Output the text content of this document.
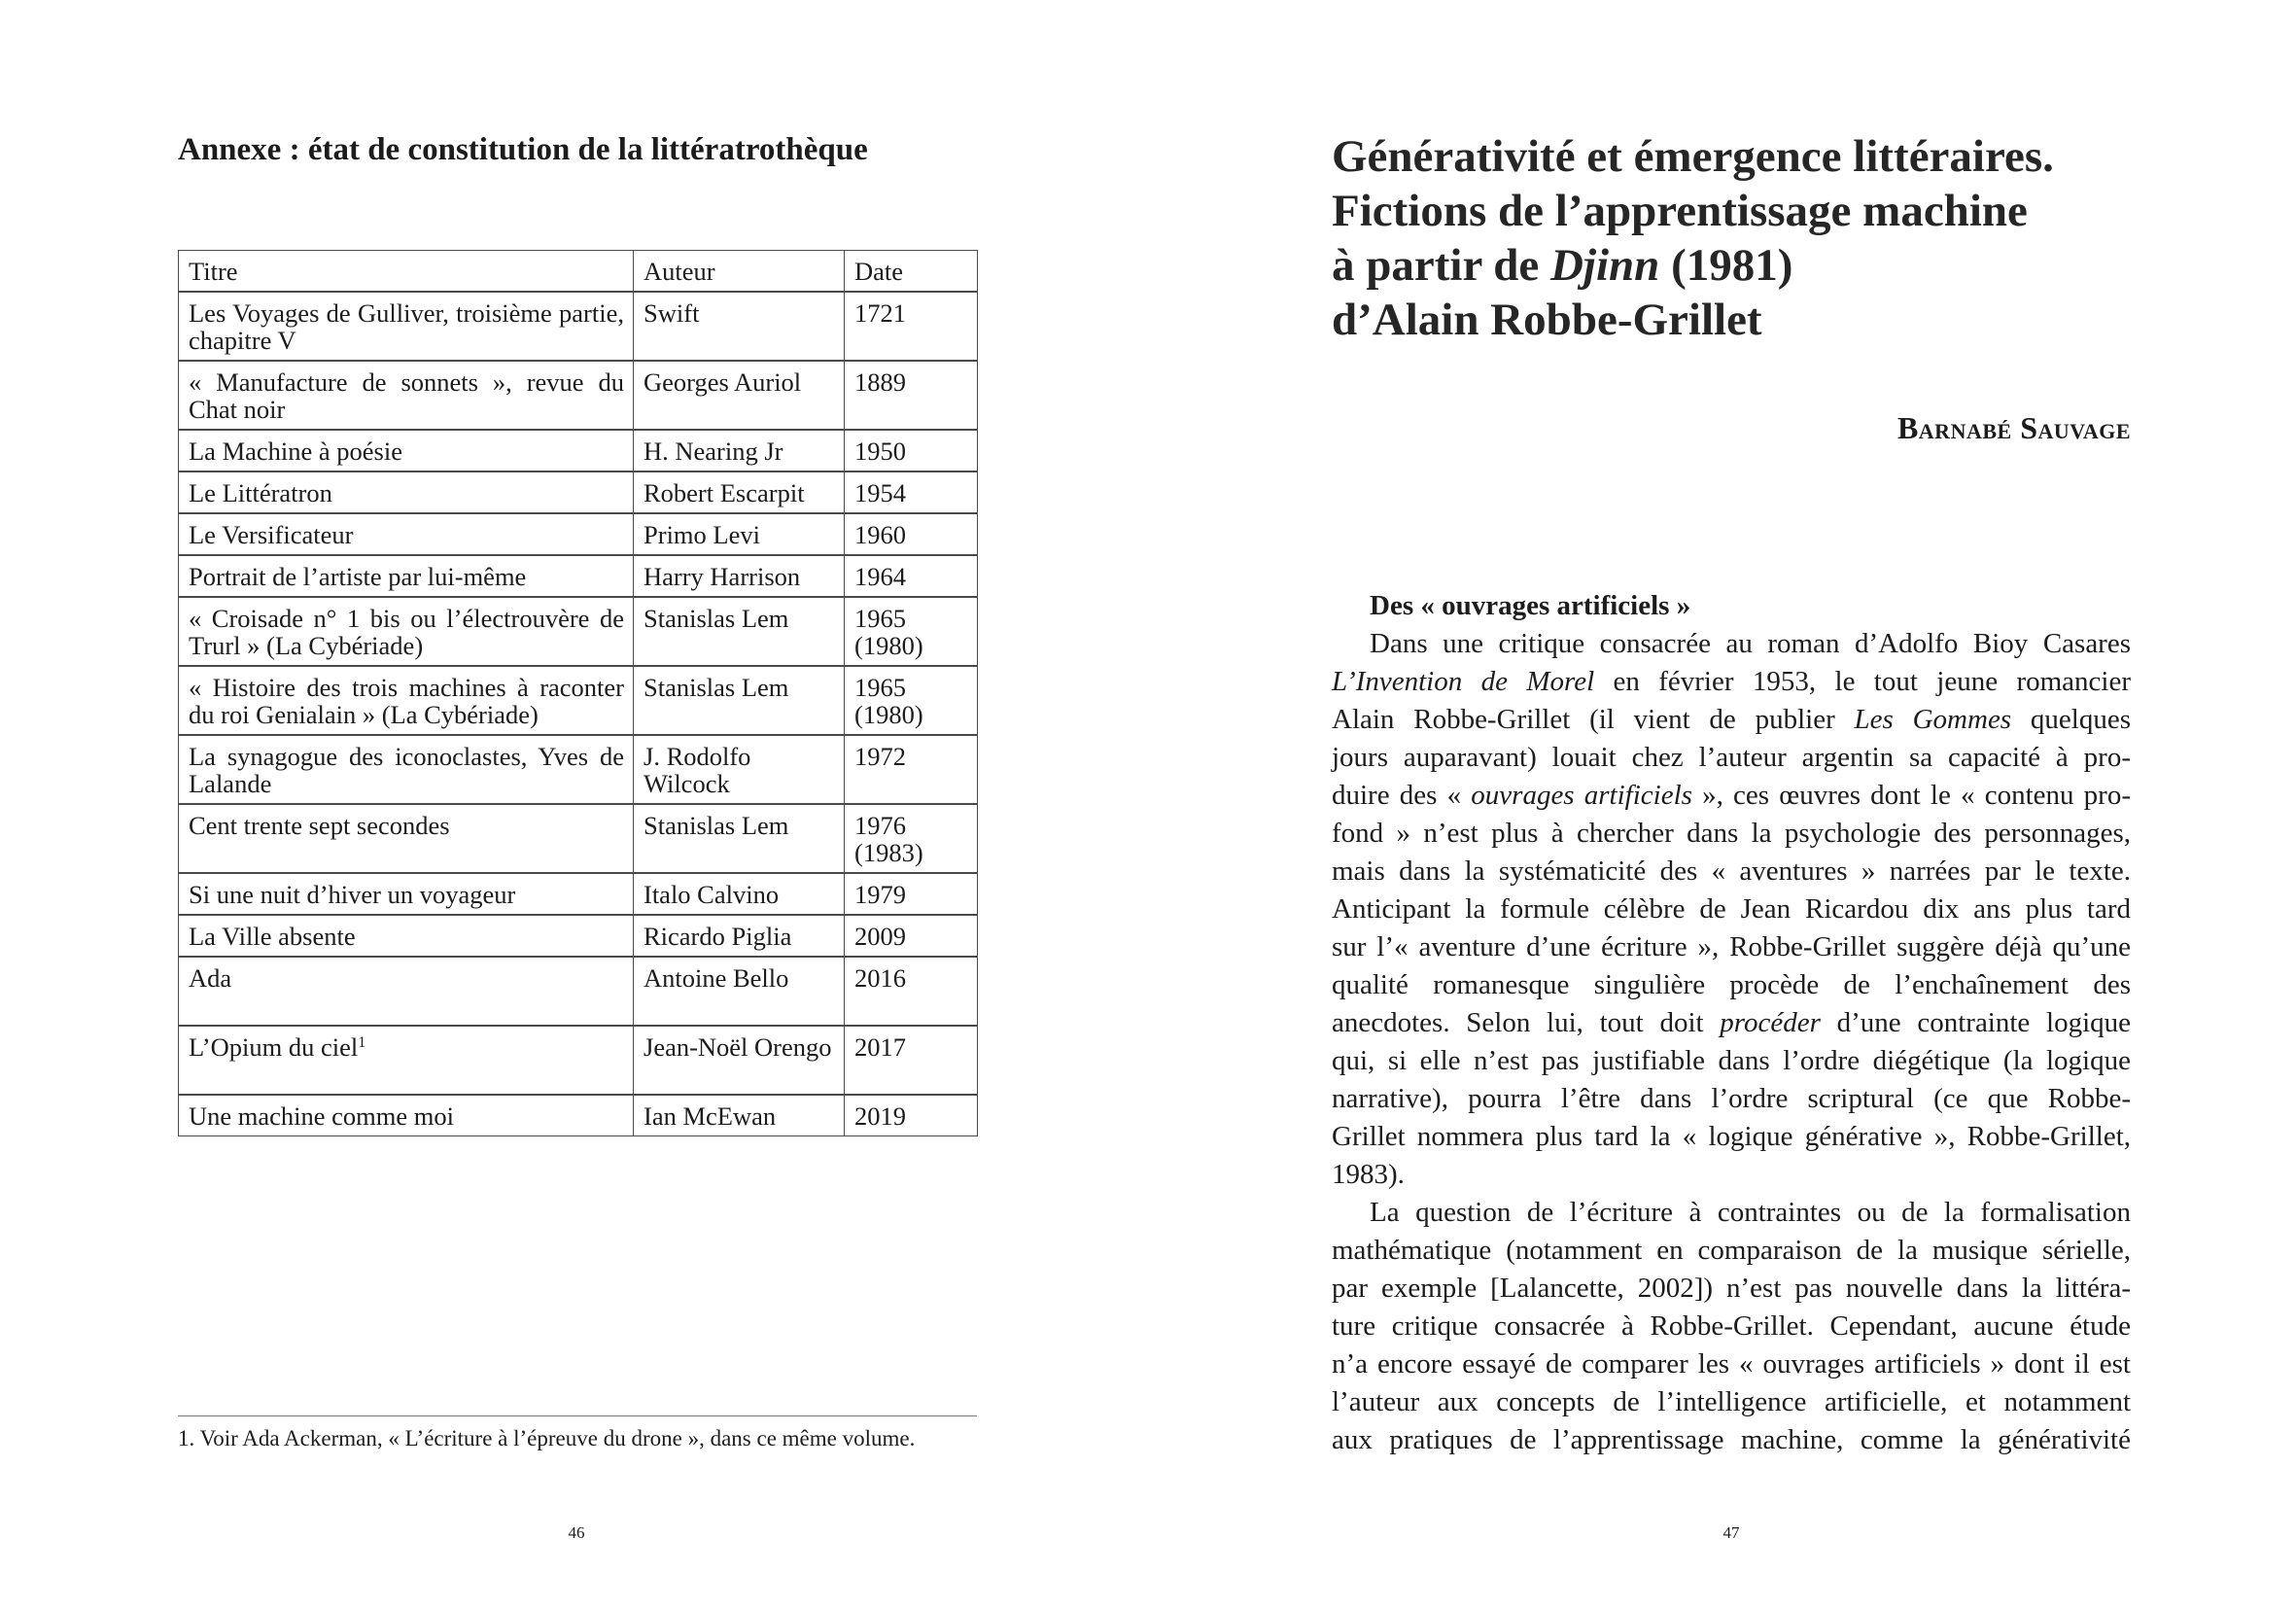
Annexe : état de constitution de la littératrothèque
Titre	Auteur	Date
Les Voyages de Gulliver, troisième partie, chapitre V	Swift	1721
« Manufacture de sonnets », revue du Chat noir	Georges Auriol	1889
La Machine à poésie	H. Nearing Jr	1950
Le Littératron	Robert Escarpit	1954
Le Versificateur	Primo Levi	1960
Portrait de l’artiste par lui-même	Harry Harrison	1964
« Croisade n° 1 bis ou l’électrouvère de Trurl » (La Cybériade)	Stanislas Lem	1965 (1980)
« Histoire des trois machines à raconter du roi Genialain » (La Cybériade)	Stanislas Lem	1965 (1980)
La synagogue des iconoclastes, Yves de Lalande	J. Rodolfo Wilcock	1972
Cent trente sept secondes	Stanislas Lem	1976 (1983)
Si une nuit d’hiver un voyageur	Italo Calvino	1979
La Ville absente	Ricardo Piglia	2009
Ada	Antoine Bello	2016
L’Opium du ciel$^1$	Jean-Noël Orengo	2017
Une machine comme moi	Ian McEwan	2019
1. Voir Ada Ackerman, « L’écriture à l’épreuve du drone », dans ce même volume.
46
Générativité et émergence littéraires.
Fictions de l’apprentissage machine
à partir de Djinn (1981)
d’Alain Robbe-Grillet
Barnabé Sauvage
Des « ouvrages artificiels »
Dans une critique consacrée au roman d’Adolfo Bioy Casares
L’Invention de Morel en février 1953, le tout jeune romancier
Alain Robbe-Grillet (il vient de publier Les Gommes quelques
jours auparavant) louait chez l’auteur argentin sa capacité à pro-
duire des « ouvrages artificiels », ces œuvres dont le « contenu pro-
fond » n’est plus à chercher dans la psychologie des personnages,
mais dans la systématicité des « aventures » narrées par le texte.
Anticipant la formule célèbre de Jean Ricardou dix ans plus tard
sur l’« aventure d’une écriture », Robbe-Grillet suggère déjà qu’une
qualité romanesque singulière procède de l’enchaînement des
anecdotes. Selon lui, tout doit procéder d’une contrainte logique
qui, si elle n’est pas justifiable dans l’ordre diégétique (la logique
narrative), pourra l’être dans l’ordre scriptural (ce que Robbe-
Grillet nommera plus tard la « logique générative », Robbe-Grillet,
1983).
La question de l’écriture à contraintes ou de la formalisation
mathématique (notamment en comparaison de la musique sérielle,
par exemple [Lalancette, 2002]) n’est pas nouvelle dans la littéra-
ture critique consacrée à Robbe-Grillet. Cependant, aucune étude
n’a encore essayé de comparer les « ouvrages artificiels » dont il est
l’auteur aux concepts de l’intelligence artificielle, et notamment
aux pratiques de l’apprentissage machine, comme la générativité
47
